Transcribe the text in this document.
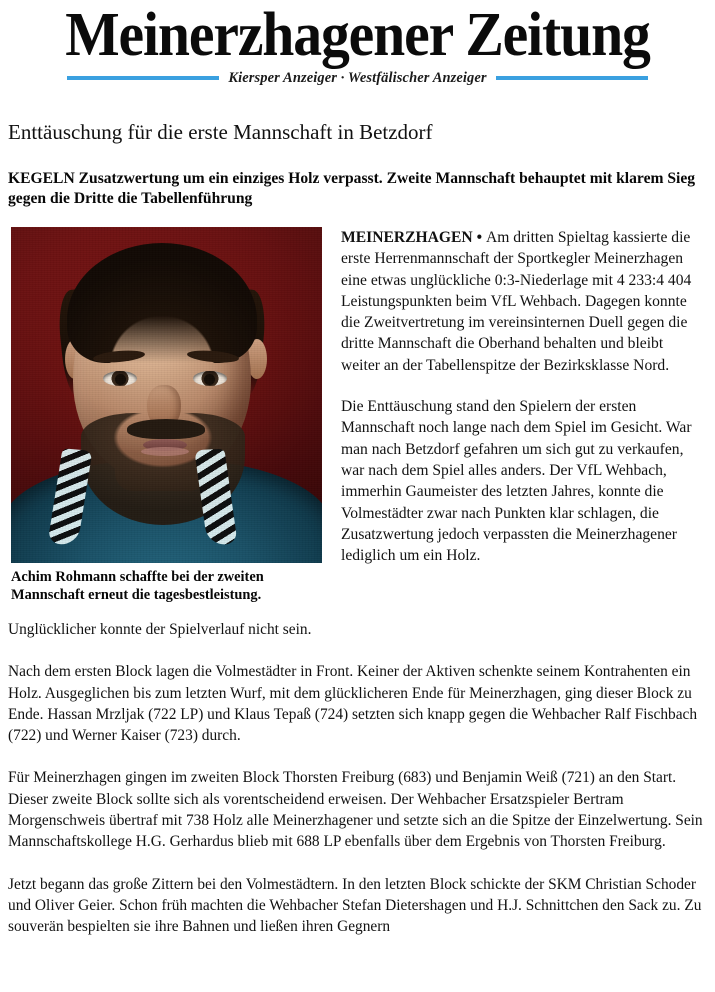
Meinerzhagener Zeitung
Kiersper Anzeiger · Westfälischer Anzeiger
Enttäuschung für die erste Mannschaft in Betzdorf
KEGELN Zusatzwertung um ein einziges Holz verpasst. Zweite Mannschaft behauptet mit klarem Sieg gegen die Dritte die Tabellenführung
Achim Rohmann schaffte bei der zweiten Mannschaft erneut die tagesbestleistung.

MEINERZHAGEN • Am dritten Spieltag kassierte die erste Herrenmannschaft der Sportkegler Meinerzhagen eine etwas unglückliche 0:3-Niederlage mit 4 233:4 404 Leistungspunkten beim VfL Wehbach. Dagegen konnte die Zweitvertretung im vereinsinternen Duell gegen die dritte Mannschaft die Oberhand behalten und bleibt weiter an der Tabellenspitze der Bezirksklasse Nord.

Die Enttäuschung stand den Spielern der ersten Mannschaft noch lange nach dem Spiel im Gesicht. War man nach Betzdorf gefahren um sich gut zu verkaufen, war nach dem Spiel alles anders. Der VfL Wehbach, immerhin Gaumeister des letzten Jahres, konnte die Volmestädter zwar nach Punkten klar schlagen, die Zusatzwertung jedoch verpassten die Meinerzhagener lediglich um ein Holz.

Unglücklicher konnte der Spielverlauf nicht sein.

Nach dem ersten Block lagen die Volmestädter in Front. Keiner der Aktiven schenkte seinem Kontrahenten ein Holz. Ausgeglichen bis zum letzten Wurf, mit dem glücklicheren Ende für Meinerzhagen, ging dieser Block zu Ende. Hassan Mrzljak (722 LP) und Klaus Tepaß (724) setzten sich knapp gegen die Wehbacher Ralf Fischbach (722) und Werner Kaiser (723) durch.

Für Meinerzhagen gingen im zweiten Block Thorsten Freiburg (683) und Benjamin Weiß (721) an den Start. Dieser zweite Block sollte sich als vorentscheidend erweisen. Der Wehbacher Ersatzspieler Bertram Morgenschweis übertraf mit 738 Holz alle Meinerzhagener und setzte sich an die Spitze der Einzelwertung. Sein Mannschaftskollege H.G. Gerhardus blieb mit 688 LP ebenfalls über dem Ergebnis von Thorsten Freiburg.

Jetzt begann das große Zittern bei den Volmestädtern. In den letzten Block schickte der SKM Christian Schoder und Oliver Geier. Schon früh machten die Wehbacher Stefan Dietershagen und H.J. Schnittchen den Sack zu. Zu souverän bespielten sie ihre Bahnen und ließen ihren Gegnern
